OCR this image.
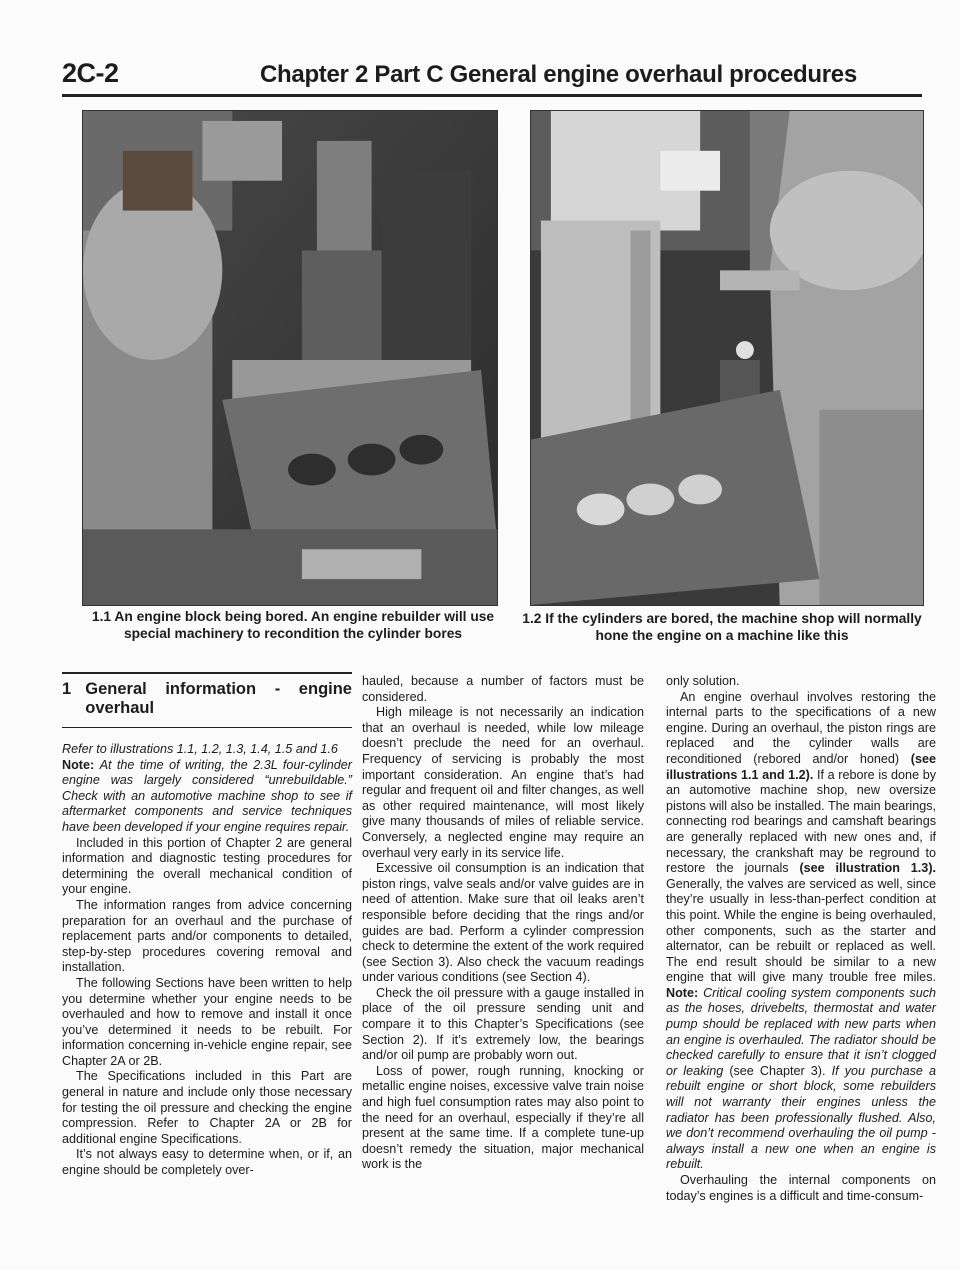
2C-2	Chapter 2 Part C General engine overhaul procedures
1.1 An engine block being bored. An engine rebuilder will use special machinery to recondition the cylinder bores
1.2 If the cylinders are bored, the machine shop will normally hone the engine on a machine like this
1 General information - engine overhaul

Refer to illustrations 1.1, 1.2, 1.3, 1.4, 1.5 and 1.6

Note: At the time of writing, the 2.3L four-cylinder engine was largely considered “unrebuildable.” Check with an automotive machine shop to see if aftermarket components and service techniques have been developed if your engine requires repair.

Included in this portion of Chapter 2 are general information and diagnostic testing procedures for determining the overall mechanical condition of your engine.

The information ranges from advice concerning preparation for an overhaul and the purchase of replacement parts and/or components to detailed, step-by-step procedures covering removal and installation.

The following Sections have been written to help you determine whether your engine needs to be overhauled and how to remove and install it once you’ve determined it needs to be rebuilt. For information concerning in-vehicle engine repair, see Chapter 2A or 2B.

The Specifications included in this Part are general in nature and include only those necessary for testing the oil pressure and checking the engine compression. Refer to Chapter 2A or 2B for additional engine Specifications.

It’s not always easy to determine when, or if, an engine should be completely over-

hauled, because a number of factors must be considered.

High mileage is not necessarily an indication that an overhaul is needed, while low mileage doesn’t preclude the need for an overhaul. Frequency of servicing is probably the most important consideration. An engine that’s had regular and frequent oil and filter changes, as well as other required maintenance, will most likely give many thousands of miles of reliable service. Conversely, a neglected engine may require an overhaul very early in its service life.

Excessive oil consumption is an indication that piston rings, valve seals and/or valve guides are in need of attention. Make sure that oil leaks aren’t responsible before deciding that the rings and/or guides are bad. Perform a cylinder compression check to determine the extent of the work required (see Section 3). Also check the vacuum readings under various conditions (see Section 4).

Check the oil pressure with a gauge installed in place of the oil pressure sending unit and compare it to this Chapter’s Specifications (see Section 2). If it’s extremely low, the bearings and/or oil pump are probably worn out.

Loss of power, rough running, knocking or metallic engine noises, excessive valve train noise and high fuel consumption rates may also point to the need for an overhaul, especially if they’re all present at the same time. If a complete tune-up doesn’t remedy the situation, major mechanical work is the

only solution.

An engine overhaul involves restoring the internal parts to the specifications of a new engine. During an overhaul, the piston rings are replaced and the cylinder walls are reconditioned (rebored and/or honed) (see illustrations 1.1 and 1.2). If a rebore is done by an automotive machine shop, new oversize pistons will also be installed. The main bearings, connecting rod bearings and camshaft bearings are generally replaced with new ones and, if necessary, the crankshaft may be reground to restore the journals (see illustration 1.3). Generally, the valves are serviced as well, since they’re usually in less-than-perfect condition at this point. While the engine is being overhauled, other components, such as the starter and alternator, can be rebuilt or replaced as well. The end result should be similar to a new engine that will give many trouble free miles. Note: Critical cooling system components such as the hoses, drivebelts, thermostat and water pump should be replaced with new parts when an engine is overhauled. The radiator should be checked carefully to ensure that it isn’t clogged or leaking (see Chapter 3). If you purchase a rebuilt engine or short block, some rebuilders will not warranty their engines unless the radiator has been professionally flushed. Also, we don’t recommend overhauling the oil pump - always install a new one when an engine is rebuilt.

Overhauling the internal components on today’s engines is a difficult and time-consum-
